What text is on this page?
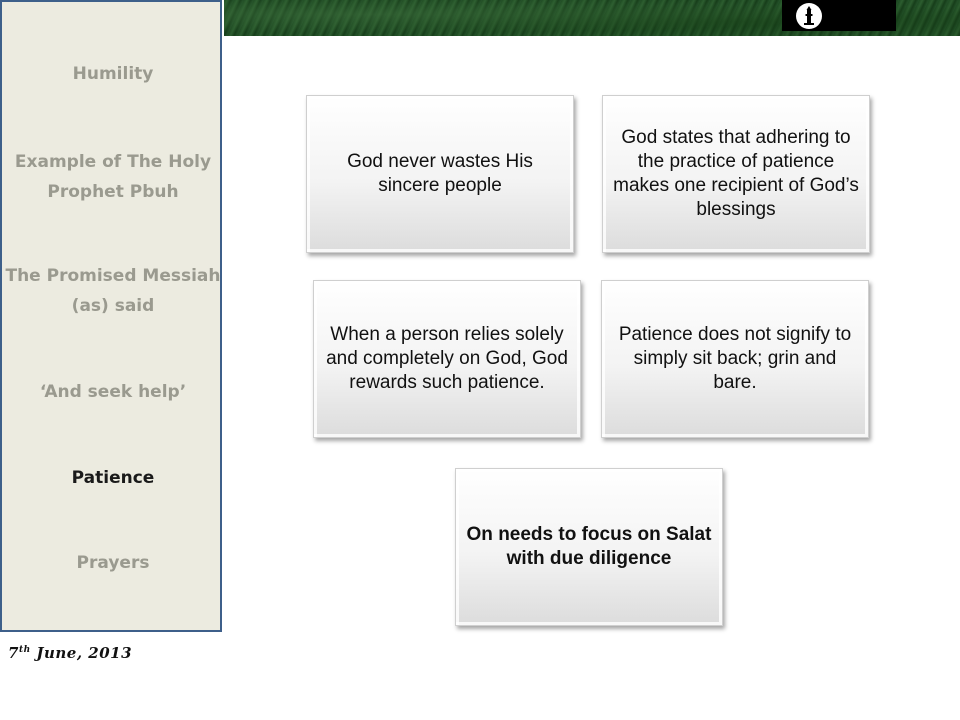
Humility
Example of The Holy Prophet Pbuh
The Promised Messiah (as) said
‘And seek help’
Patience
Prayers
7th June, 2013
God never wastes His sincere people
God states that adhering to the practice of patience makes one recipient of God’s blessings
When a person relies solely and completely on God, God rewards such patience.
Patience does not signify to simply sit back; grin and bare.
On needs to focus on Salat with due diligence
